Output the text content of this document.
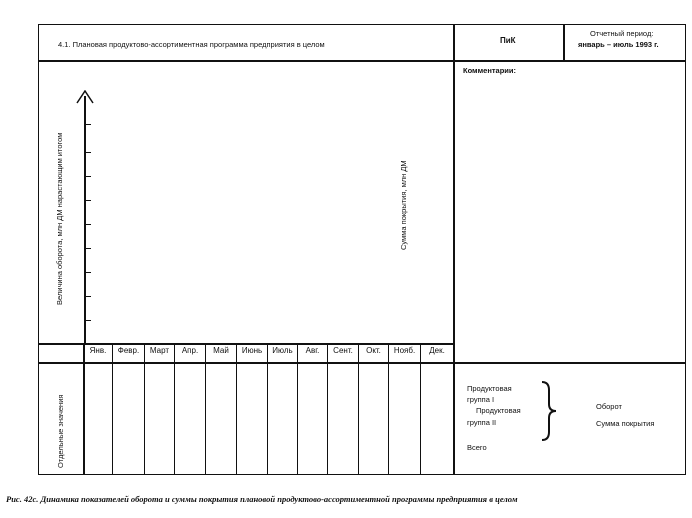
4.1. Плановая продуктово-ассортиментная программа предприятия в целом	ПиК
Отчетный период:
январь – июль 1993 г.
Комментарии:
Величина оборота, млн ДМ нарастающим итогом	Сумма покрытия, млн ДМ
Янв.	Февр.	Март	Апр.	Май	Июнь	Июль	Авг.	Сент.	Окт.	Нояб.	Дек.
Отдельные значения
Продуктовая
группа I
Продуктовая
группа II
Всего
Оборот
Сумма покрытия
Рис. 42с. Динамика показателей оборота и суммы покрытия плановой продуктово-ассортиментной программы предприятия в целом
